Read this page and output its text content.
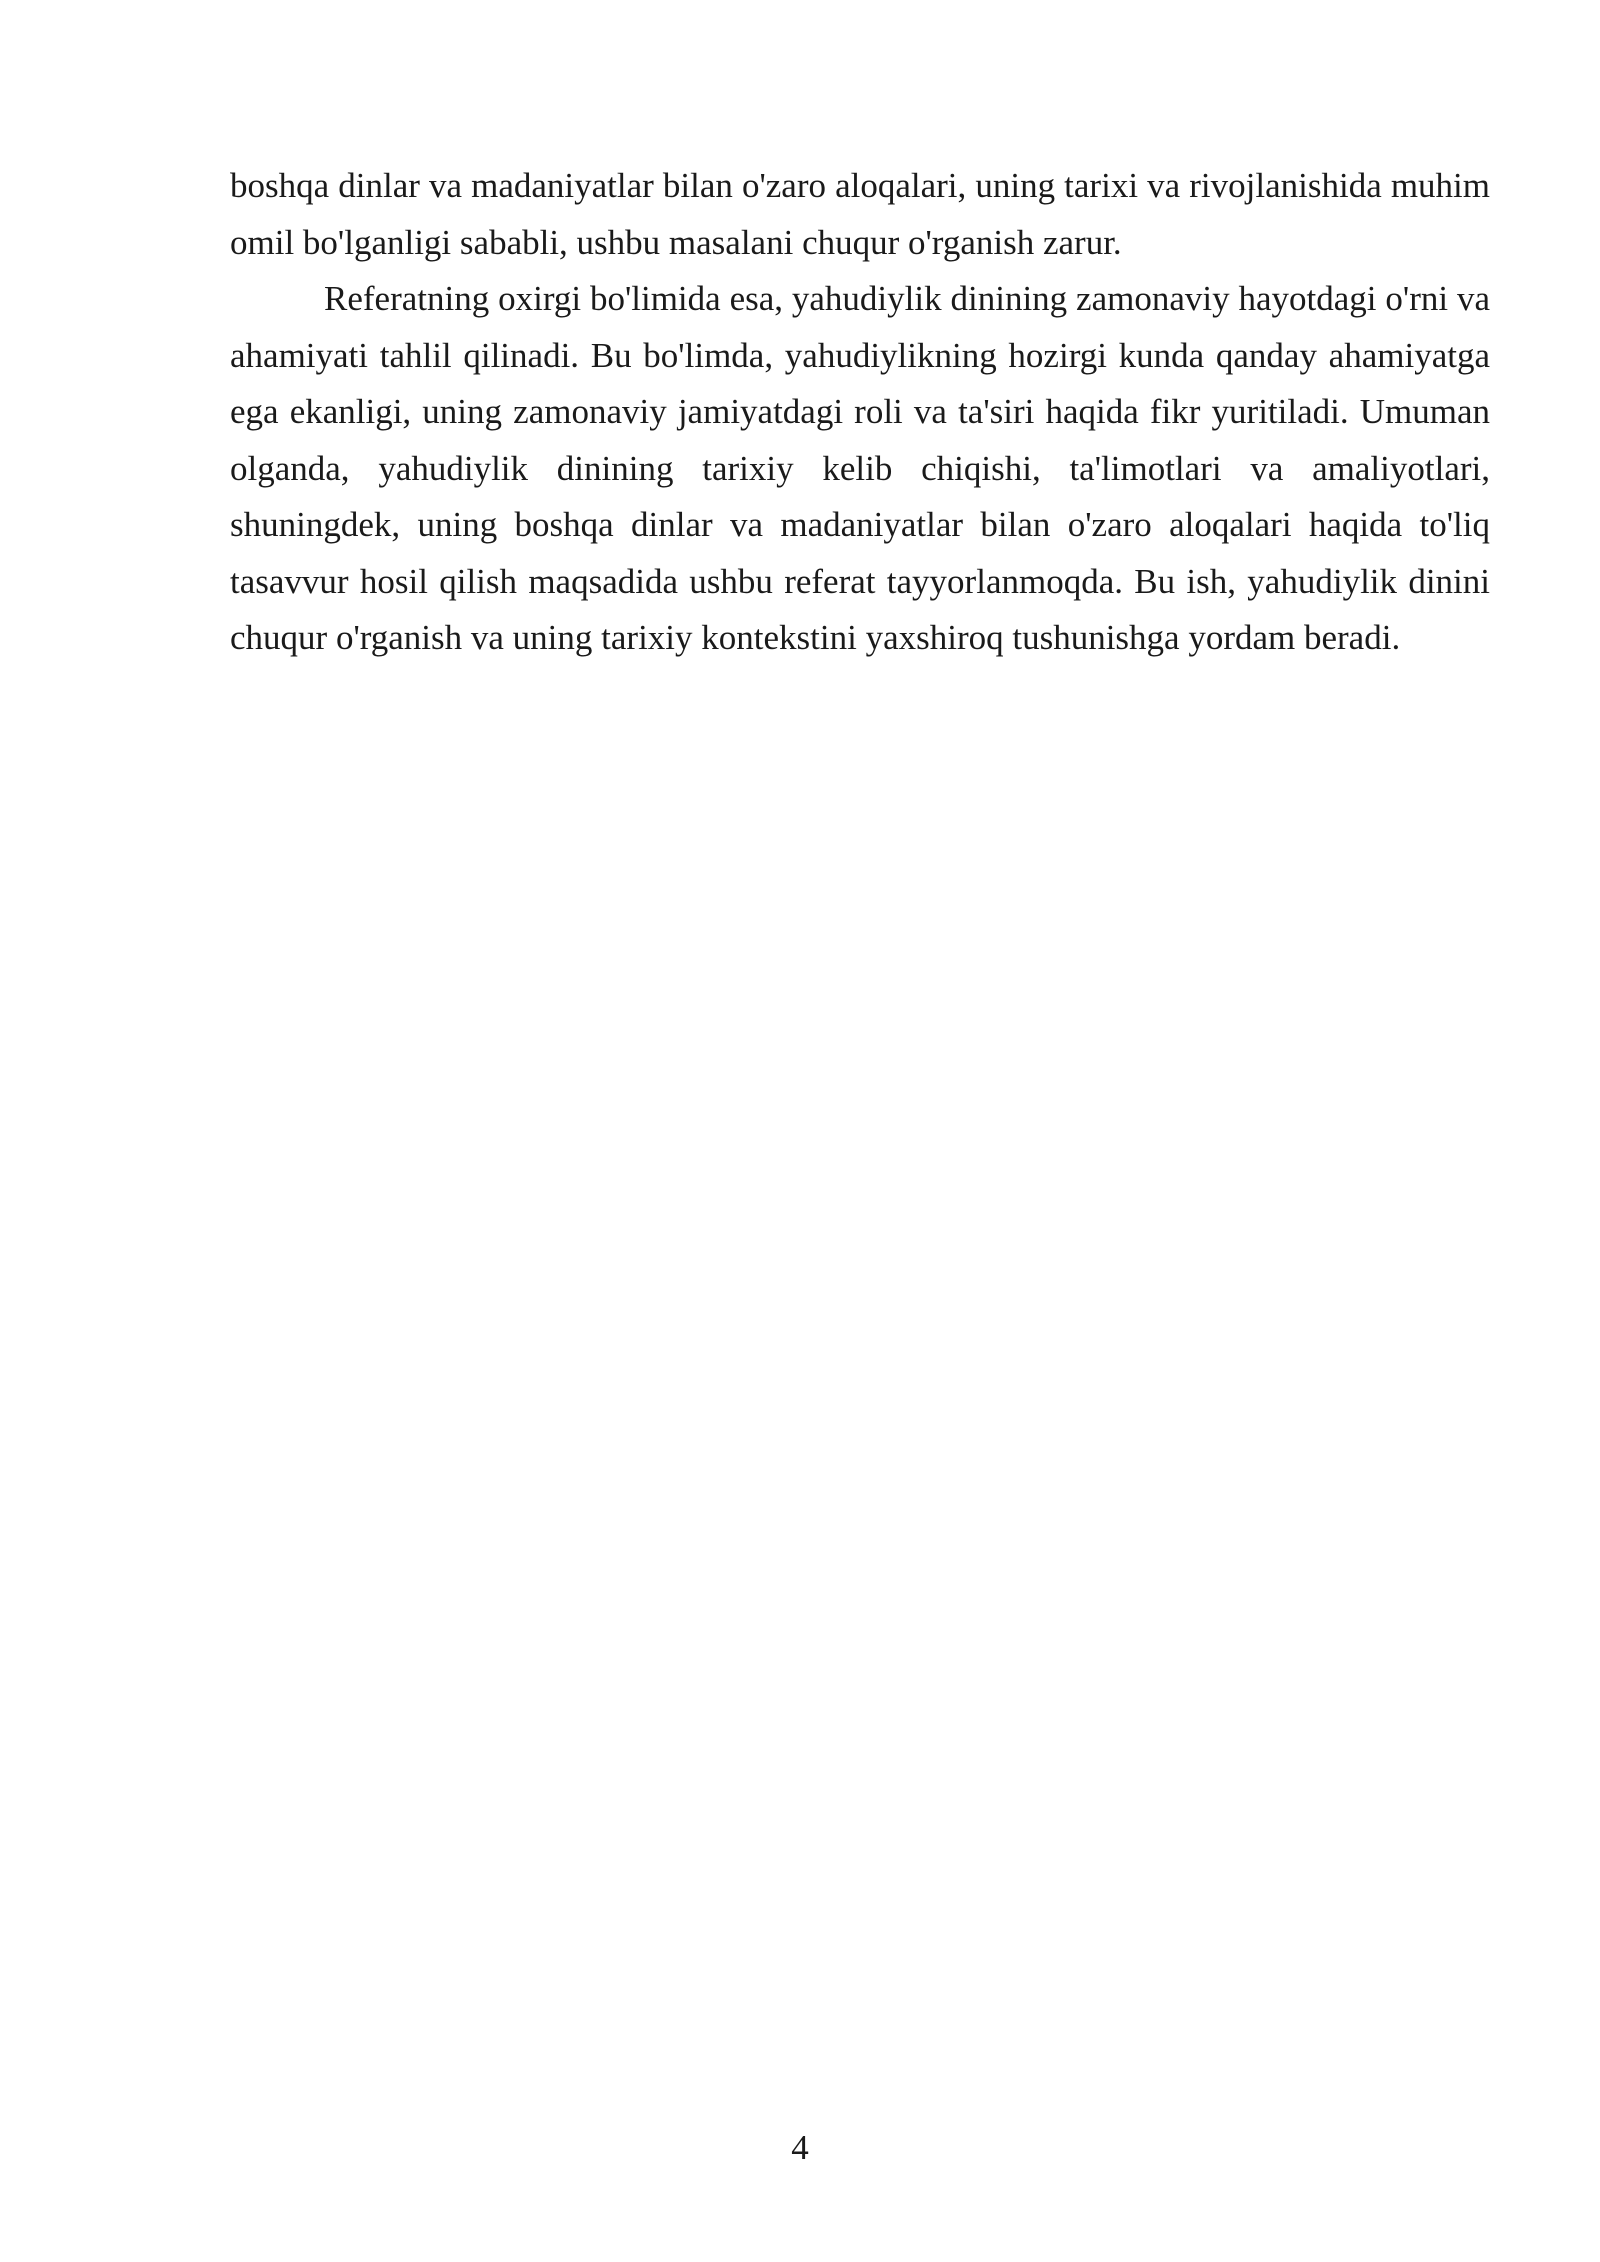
boshqa dinlar va madaniyatlar bilan o'zaro aloqalari, uning tarixi va rivojlanishida muhim omil bo'lganligi sababli, ushbu masalani chuqur o'rganish zarur.

Referatning oxirgi bo'limida esa, yahudiylik dinining zamonaviy hayotdagi o'rni va ahamiyati tahlil qilinadi. Bu bo'limda, yahudiylikning hozirgi kunda qanday ahamiyatga ega ekanligi, uning zamonaviy jamiyatdagi roli va ta'siri haqida fikr yuritiladi. Umuman olganda, yahudiylik dinining tarixiy kelib chiqishi, ta'limotlari va amaliyotlari, shuningdek, uning boshqa dinlar va madaniyatlar bilan o'zaro aloqalari haqida to'liq tasavvur hosil qilish maqsadida ushbu referat tayyorlanmoqda. Bu ish, yahudiylik dinini chuqur o'rganish va uning tarixiy kontekstini yaxshiroq tushunishga yordam beradi.

4
